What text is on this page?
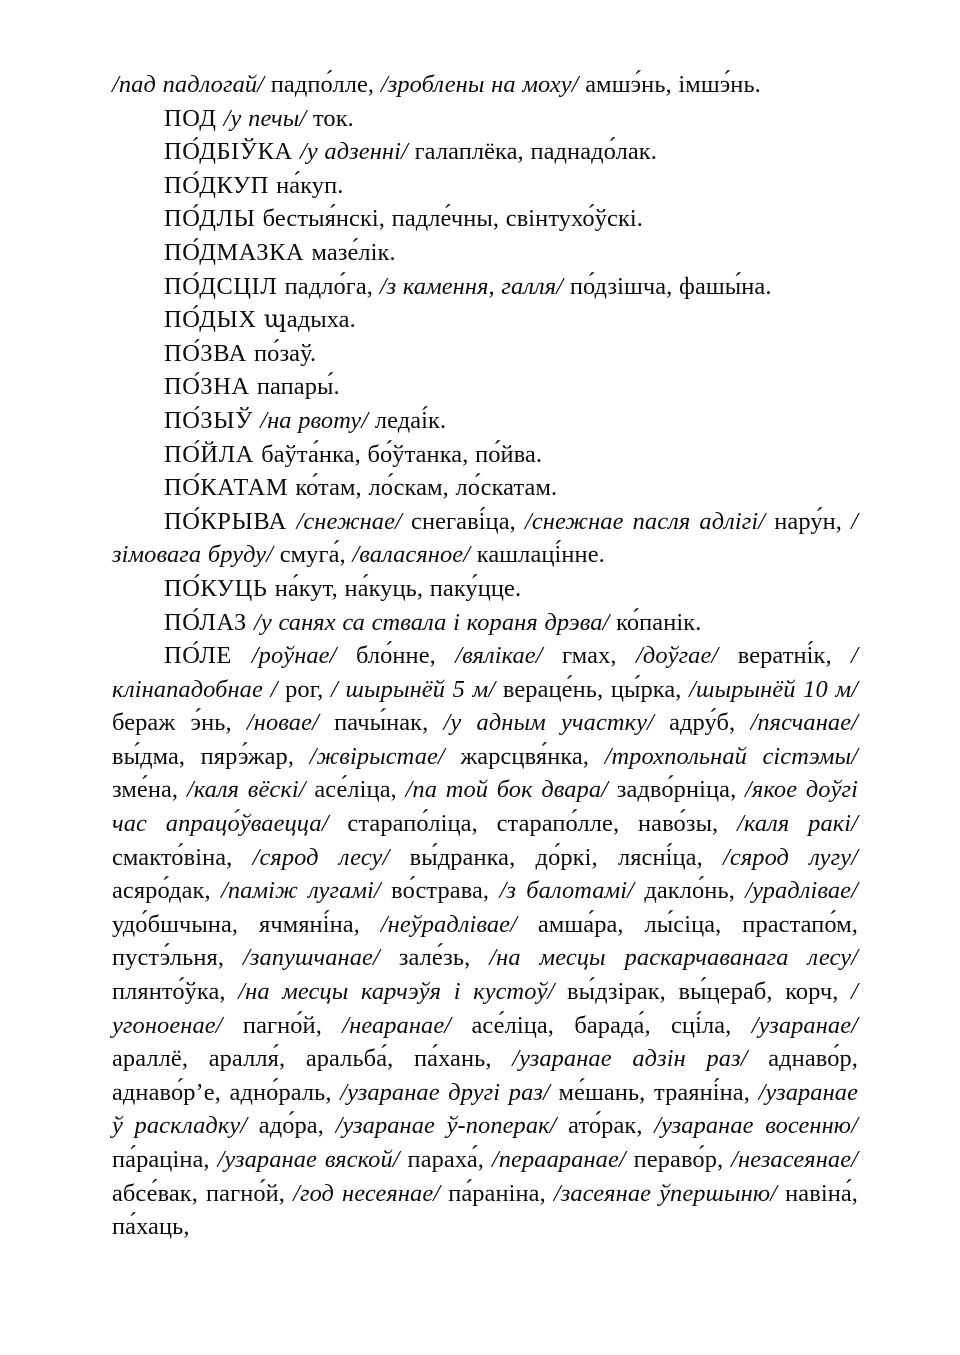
/пад падлогай/ падпо́лле, /зроблены на моху/ амшэ́нь, імшэ́нь.

ПОД /у печы/ ток.

ПО́ДБІЎКА /у адзенні/ галаплёка, паднадо́лак.

ПО́ДКУП на́куп.

ПО́ДЛЫ бестыя́нскі, падле́чны, свінтухо́ўскі.

ПО́ДМАЗКА мазе́лік.

ПО́ДСЦІЛ падло́га, /з камення, галля/ по́дзішча, фашы́на.

ПО́ДЫХ պадыха.

ПО́ЗВА по́заў.

ПО́ЗНА папары́.

ПО́ЗЫЎ /на рвоту/ ледаі́к.

ПО́ЙЛА баўта́нка, бо́ўтанка, по́йва.

ПО́КАТАМ ко́там, ло́скам, ло́скатам.

ПО́КРЫВА /снежнае/ снегаві́ца, /снежнае пасля адлігі/ нару́н, /зімовага бруду/ смуга́, /валасяное/ кашлаці́нне.

ПО́КУЦЬ на́кут, на́куць, паку́цце.

ПО́ЛАЗ /у санях са ствала і кораня дрэва/ ко́панік.

ПО́ЛЕ /роўнае/ бло́нне, /вялікае/ гмах, /доўгае/ вератні́к, / клінападобнае / рог, / шырынёй 5 м/ вераце́нь, цы́рка, /шырынёй 10 м/ бераж э́нь, /новае/ пачы́нак, /у адным участку/ адру́б, /пясчанае/ вы́дма, пярэ́жар, /жвірыстае/ жарсцвя́нка, /трохпольнай сістэмы/ зме́на, /каля вёскі/ асе́ліца, /па той бок двара/ задво́рніца, /якое доўгі час апрацо́ўваецца/ старапо́ліца, старапо́лле, наво́зы, /каля ракі/ смакто́віна, /сярод лесу/ вы́дранка, до́ркі, лясні́ца, /сярод лугу/ асяро́дак, /паміж лугамі/ во́страва, /з балотамі/ дакло́нь, /урадлівае/ удо́бшчына, ячмяні́на, /неўрадлівае/ амша́ра, лы́сіца, прастапо́м, пустэ́льня, /запушчанае/ зале́зь, /на месцы раскарчаванага лесу/ плянто́ўка, /на месцы карчэўя і кустоў/ вы́дзірак, вы́цераб, корч, /угоноенае/ пагно́й, /неаранае/ асе́ліца, барада́, сці́ла, /узаранае/ араллё, аралля́, аральба́, па́хань, /узаранае адзін раз/ аднаво́р, аднаво́р’е, адно́раль, /узаранае другі раз/ ме́шань, траяні́на, /узаранае ў раскладку/ адо́ра, /узаранае ў-поперак/ ато́рак, /узаранае восенню/ па́раціна, /узаранае вяской/ параха́, /перааранае/ пераво́р, /незасеянае/ абсе́вак, пагно́й, /год несеянае/ па́раніна, /засеянае ўпершыню/ навіна́, па́хаць,
